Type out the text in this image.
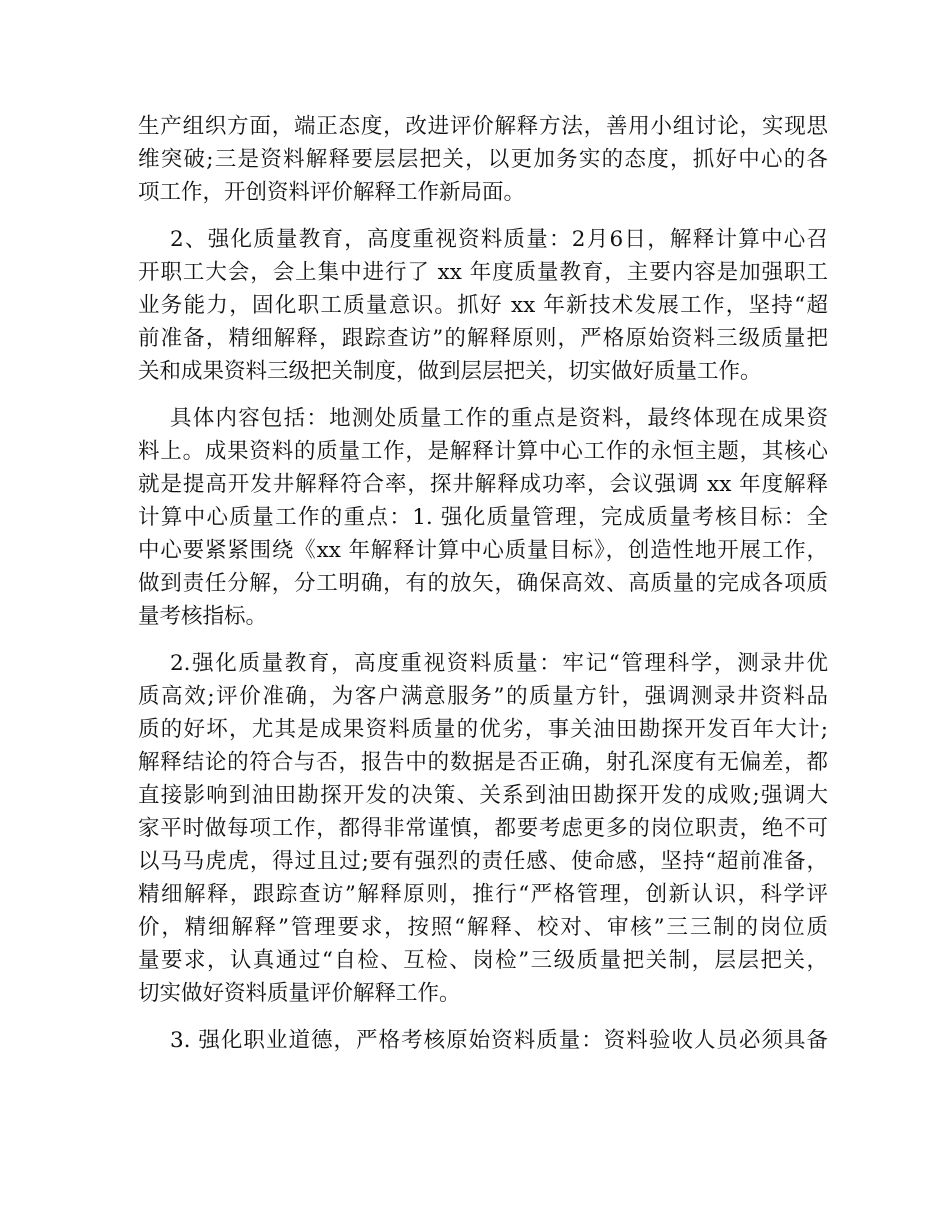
生产组织方面，端正态度，改进评价解释方法，善用小组讨论，实现思
维突破;三是资料解释要层层把关，以更加务实的态度，抓好中心的各
项工作，开创资料评价解释工作新局面。
2、强化质量教育，高度重视资料质量：2月6日，解释计算中心召
开职工大会，会上集中进行了 xx 年度质量教育，主要内容是加强职工
业务能力，固化职工质量意识。抓好 xx 年新技术发展工作，坚持“超
前准备，精细解释，跟踪查访”的解释原则，严格原始资料三级质量把
关和成果资料三级把关制度，做到层层把关，切实做好质量工作。
具体内容包括：地测处质量工作的重点是资料，最终体现在成果资
料上。成果资料的质量工作，是解释计算中心工作的永恒主题，其核心
就是提高开发井解释符合率，探井解释成功率，会议强调 xx 年度解释
计算中心质量工作的重点：1. 强化质量管理，完成质量考核目标：全
中心要紧紧围绕《xx 年解释计算中心质量目标》，创造性地开展工作，
做到责任分解，分工明确，有的放矢，确保高效、高质量的完成各项质
量考核指标。
2.强化质量教育，高度重视资料质量：牢记“管理科学，测录井优
质高效;评价准确，为客户满意服务”的质量方针，强调测录井资料品
质的好坏，尤其是成果资料质量的优劣，事关油田勘探开发百年大计;
解释结论的符合与否，报告中的数据是否正确，射孔深度有无偏差，都
直接影响到油田勘探开发的决策、关系到油田勘探开发的成败;强调大
家平时做每项工作，都得非常谨慎，都要考虑更多的岗位职责，绝不可
以马马虎虎，得过且过;要有强烈的责任感、使命感，坚持“超前准备，
精细解释，跟踪查访”解释原则，推行“严格管理，创新认识，科学评
价，精细解释”管理要求，按照“解释、校对、审核”三三制的岗位质
量要求，认真通过“自检、互检、岗检”三级质量把关制，层层把关，
切实做好资料质量评价解释工作。
3. 强化职业道德，严格考核原始资料质量：资料验收人员必须具备
